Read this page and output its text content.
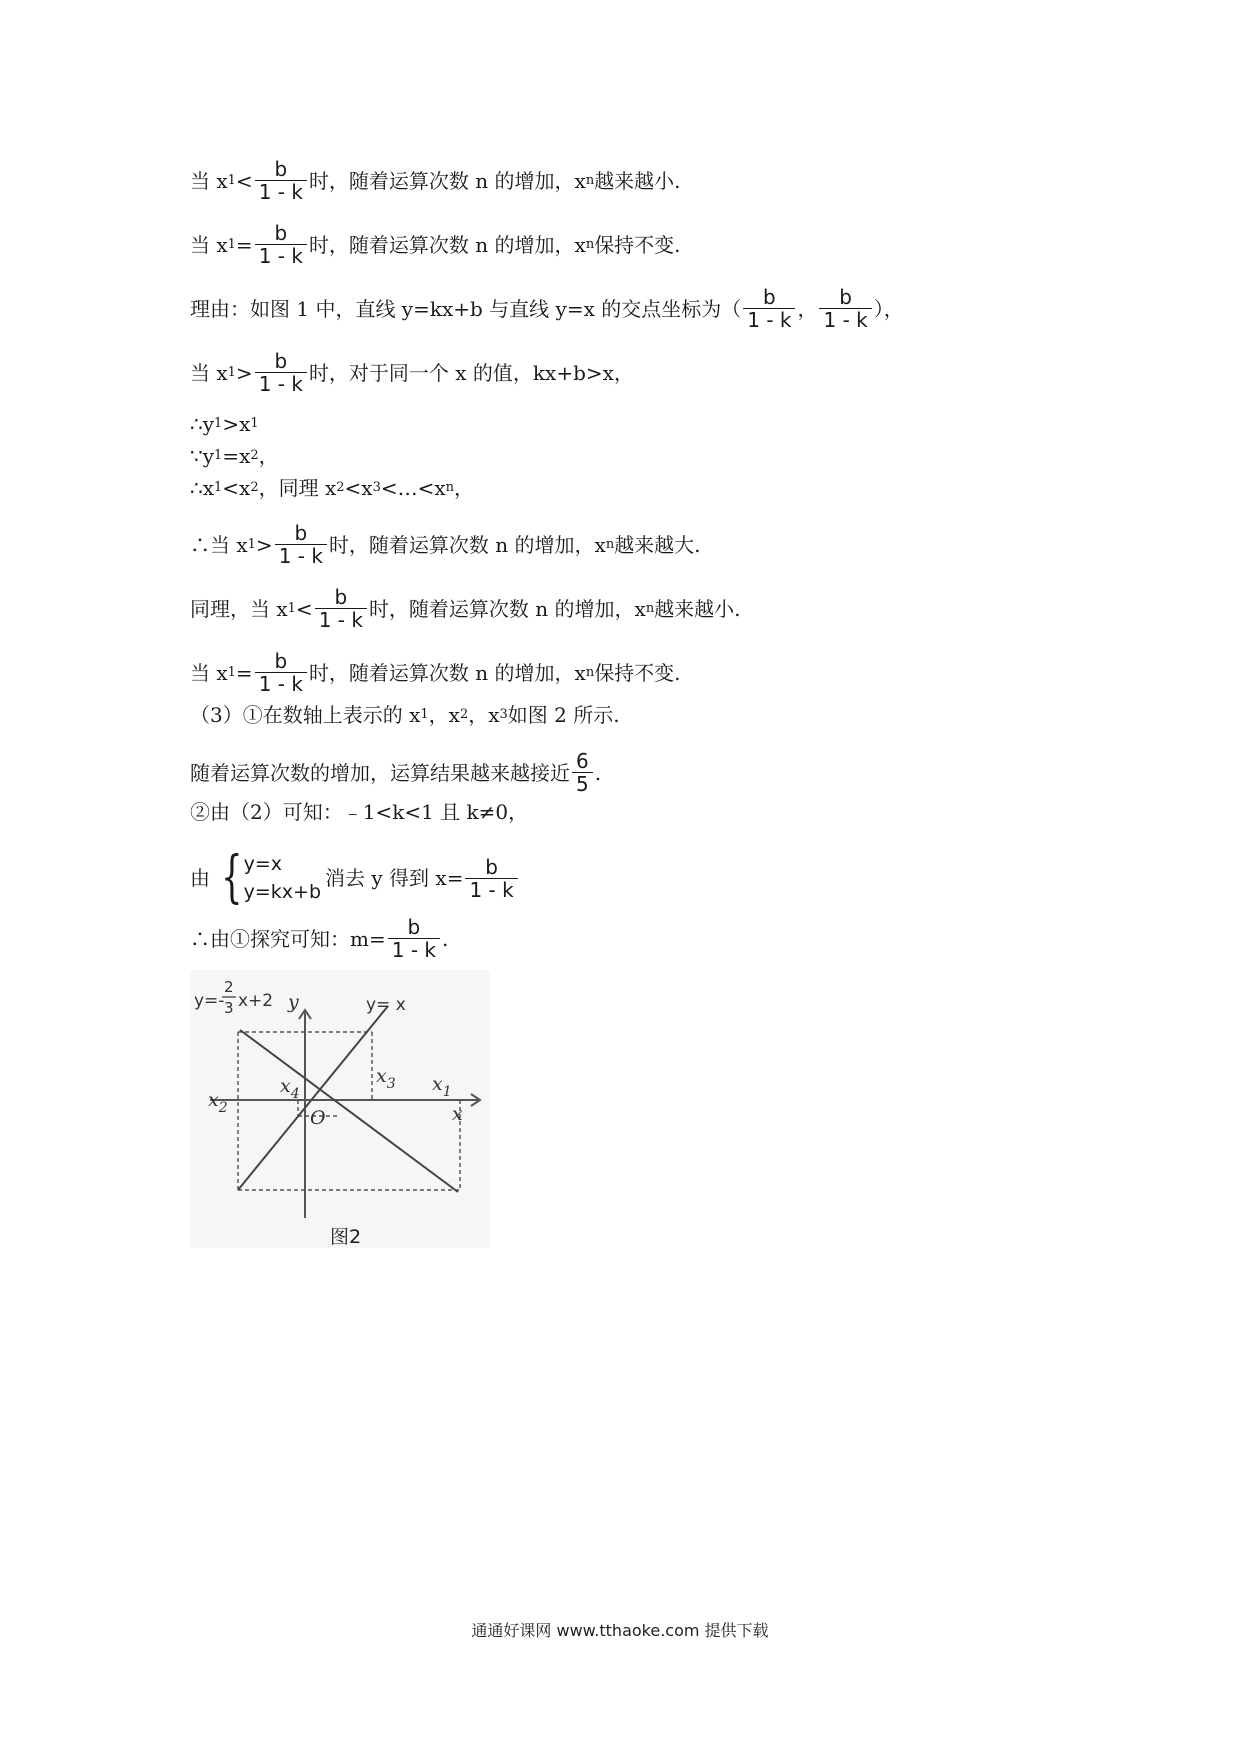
当 x $1 < \frac{b}{1 - k}$ 时，随着运算次数 n 的增加，x n 越来越小.
当 x $1 = \frac{b}{1 - k}$ 时，随着运算次数 n 的增加，x n 保持不变.
理由：如图 1 中，直线 y=kx+b 与直线 y=x 的交点坐标为（ $\frac{b}{1 - k}$ ， $\frac{b}{1 - k}$ ），
当 x $1 > \frac{b}{1 - k}$ 时，对于同一个 x 的值，kx+b>x，
∴y 1 >x 1
∵y 1 =x 2 ，
∴x 1 <x 2 ，同理 x 2 <x 3 <…<x n ，
∴当 x $1 > \frac{b}{1 - k}$ 时，随着运算次数 n 的增加，x n 越来越大.
同理，当 x $1 < \frac{b}{1 - k}$ 时，随着运算次数 n 的增加，x n 越来越小.
当 x $1 = \frac{b}{1 - k}$ 时，随着运算次数 n 的增加，x n 保持不变.
（3）①在数轴上表示的 x 1 ，x 2 ，x 3 如图 2 所示.
随着运算次数的增加，运算结果越来越接近 $\frac{6}{5}$ .
②由（2）可知：﹣1<k<1 且 k≠0，
由 { y=x
y=kx+b
消去 y 得到 $x= \frac{b}{1 - k}$
∴由①探究可知：$m= \frac{b}{1 - k}$ .
y=-
2
3 x+2	y= x
y
x
O
$x_1$
$x_2$
$x_3$
$x_4$
图2
通通好课网 www.tthaoke.com 提供下载
